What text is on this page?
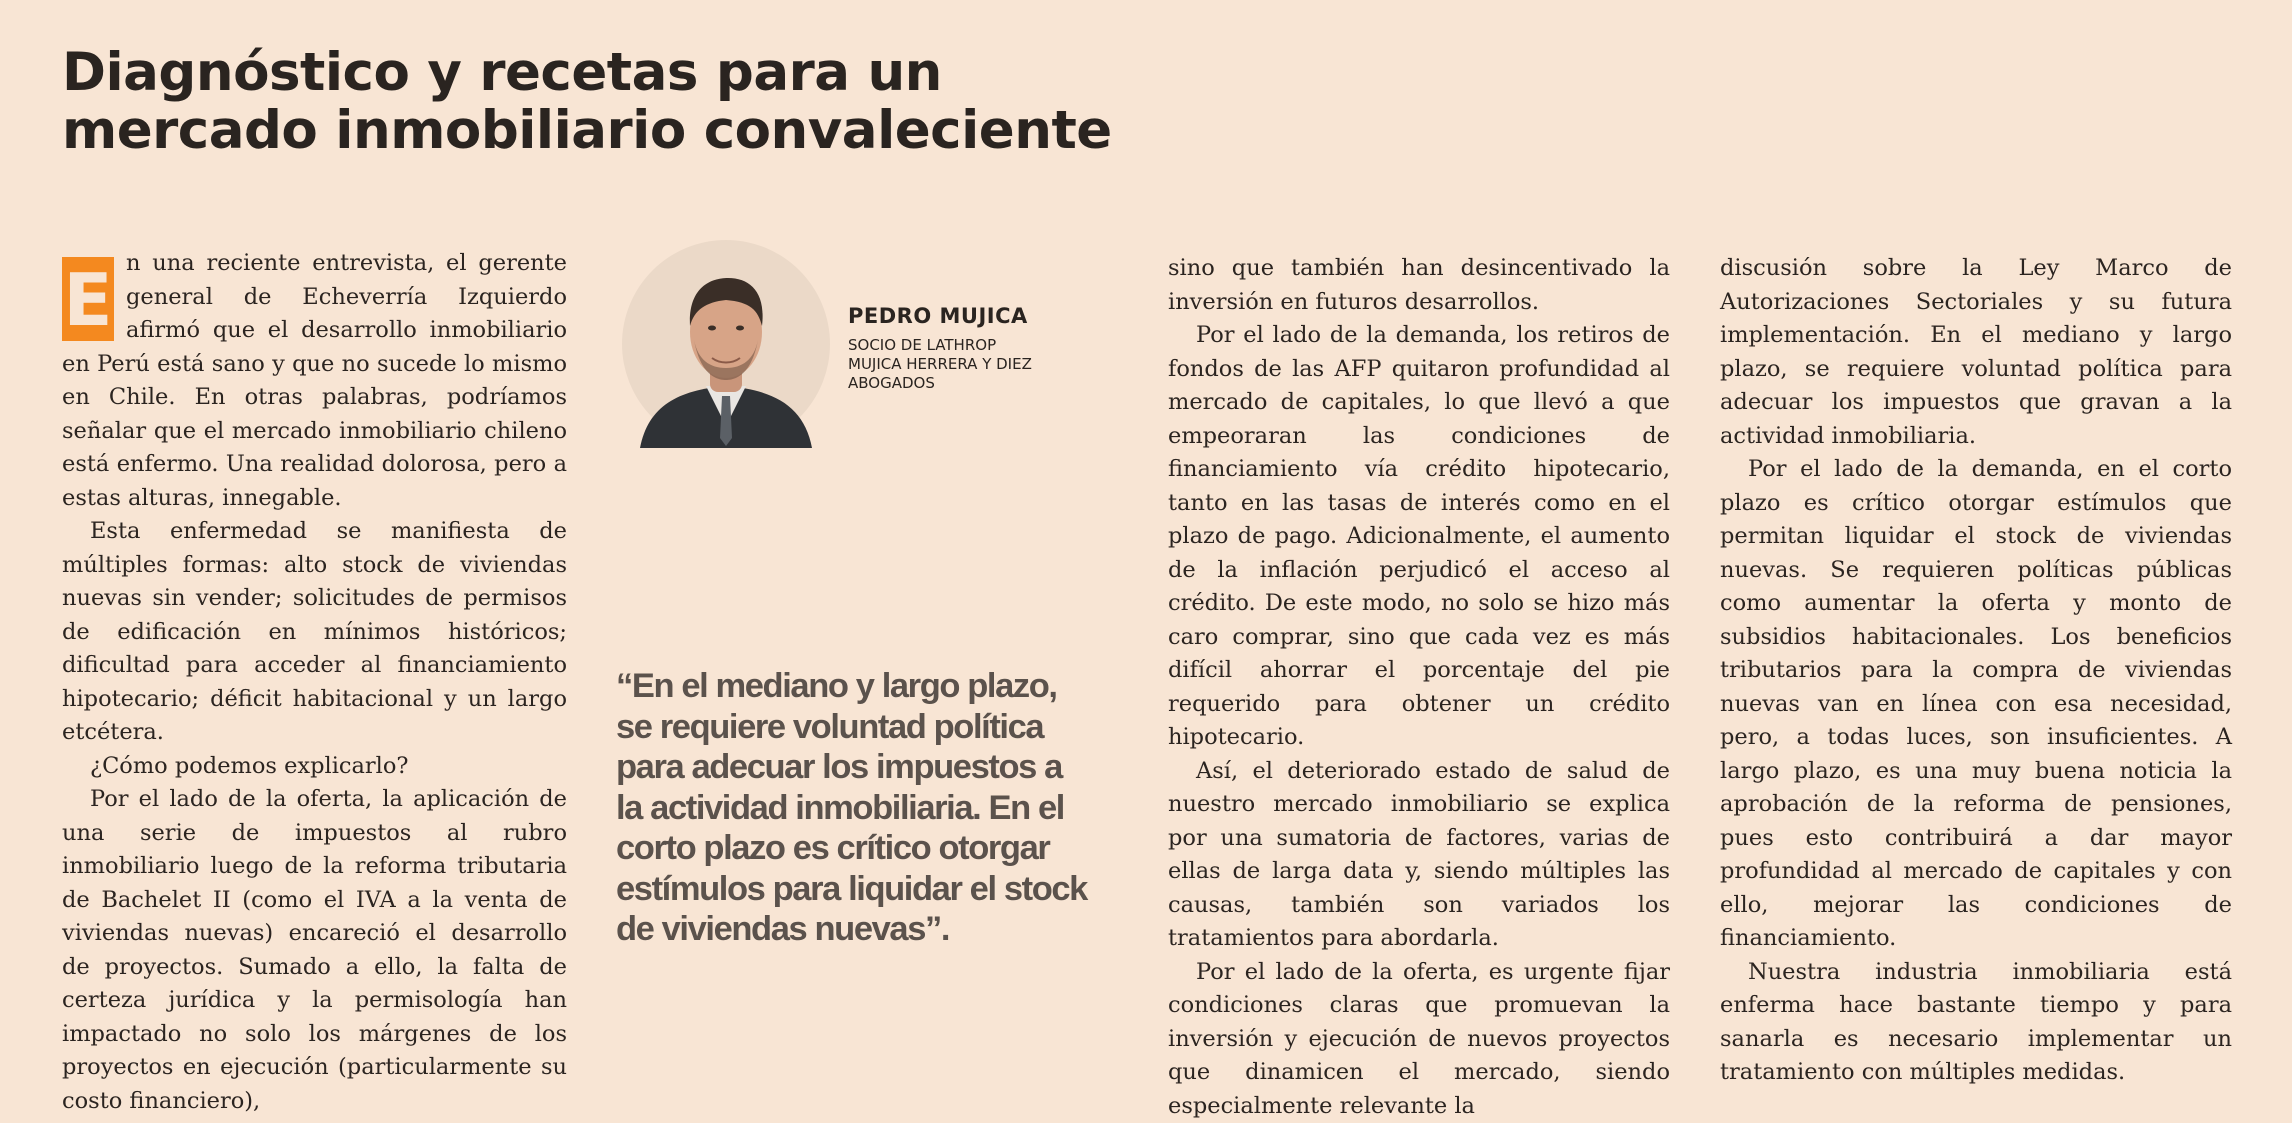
Diagnóstico y recetas para un
mercado inmobiliario convaleciente
E n una reciente entrevista, el gerente general de Echeverría Izquierdo afirmó que el desarrollo inmobiliario en Perú está sano y que no sucede lo mismo en Chile. En otras palabras, podríamos señalar que el mercado inmobiliario chileno está enfermo. Una realidad dolorosa, pero a estas alturas, innegable.

Esta enfermedad se manifiesta de múltiples formas: alto stock de viviendas nuevas sin vender; solicitudes de permisos de edificación en mínimos históricos; dificultad para acceder al financiamiento hipotecario; déficit habitacional y un largo etcétera.

¿Cómo podemos explicarlo?

Por el lado de la oferta, la aplicación de una serie de impuestos al rubro inmobiliario luego de la reforma tributaria de Bachelet II (como el IVA a la venta de viviendas nuevas) encareció el desarrollo de proyectos. Sumado a ello, la falta de certeza jurídica y la permisología han impactado no solo los márgenes de los proyectos en ejecución (particularmente su costo financiero),

PEDRO MUJICA
SOCIO DE LATHROP MUJICA HERRERA Y DIEZ ABOGADOS
“En el mediano y largo plazo, se requiere voluntad política para adecuar los impuestos a la actividad inmobiliaria. En el corto plazo es crítico otorgar estímulos para liquidar el stock de viviendas nuevas”.

sino que también han desincentivado la inversión en futuros desarrollos.

Por el lado de la demanda, los retiros de fondos de las AFP quitaron profundidad al mercado de capitales, lo que llevó a que empeoraran las condiciones de financiamiento vía crédito hipotecario, tanto en las tasas de interés como en el plazo de pago. Adicionalmente, el aumento de la inflación perjudicó el acceso al crédito. De este modo, no solo se hizo más caro comprar, sino que cada vez es más difícil ahorrar el porcentaje del pie requerido para obtener un crédito hipotecario.

Así, el deteriorado estado de salud de nuestro mercado inmobiliario se explica por una sumatoria de factores, varias de ellas de larga data y, siendo múltiples las causas, también son variados los tratamientos para abordarla.

Por el lado de la oferta, es urgente fijar condiciones claras que promuevan la inversión y ejecución de nuevos proyectos que dinamicen el mercado, siendo especialmente relevante la

discusión sobre la Ley Marco de Autorizaciones Sectoriales y su futura implementación. En el mediano y largo plazo, se requiere voluntad política para adecuar los impuestos que gravan a la actividad inmobiliaria.

Por el lado de la demanda, en el corto plazo es crítico otorgar estímulos que permitan liquidar el stock de viviendas nuevas. Se requieren políticas públicas como aumentar la oferta y monto de subsidios habitacionales. Los beneficios tributarios para la compra de viviendas nuevas van en línea con esa necesidad, pero, a todas luces, son insuficientes. A largo plazo, es una muy buena noticia la aprobación de la reforma de pensiones, pues esto contribuirá a dar mayor profundidad al mercado de capitales y con ello, mejorar las condiciones de financiamiento.

Nuestra industria inmobiliaria está enferma hace bastante tiempo y para sanarla es necesario implementar un tratamiento con múltiples medidas.
